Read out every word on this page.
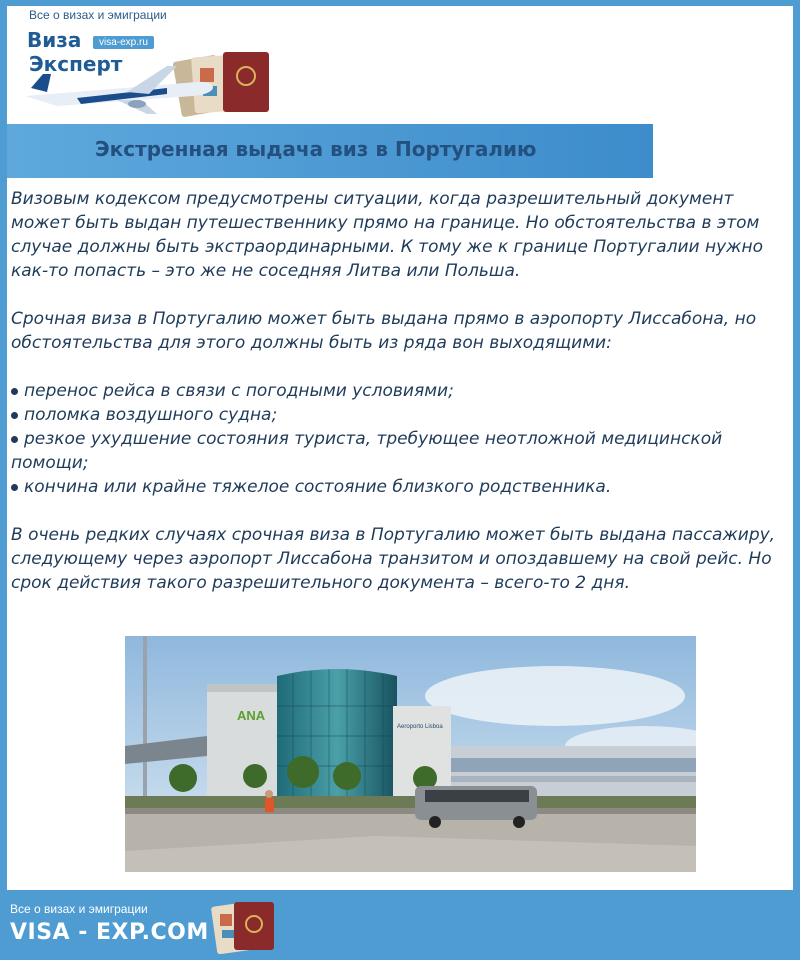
Все о визах и эмиграции
Виза
Эксперт
visa-exp.ru
Экстренная выдача виз в Португалию

Визовым кодексом предусмотрены ситуации, когда разрешительный документ может быть выдан путешественнику прямо на границе. Но обстоятельства в этом случае должны быть экстраординарными. К тому же к границе Португалии нужно как-то попасть – это же не соседняя Литва или Польша.

Срочная виза в Португалию может быть выдана прямо в аэропорту Лиссабона, но обстоятельства для этого должны быть из ряда вон выходящими:

перенос рейса в связи с погодными условиями;
поломка воздушного судна;
резкое ухудшение состояния туриста, требующее неотложной медицинской помощи;
кончина или крайне тяжелое состояние близкого родственника.

В очень редких случаях срочная виза в Португалию может быть выдана пассажиру, следующему через аэропорт Лиссабона транзитом и опоздавшему на свой рейс. Но срок действия такого разрешительного документа – всего-то 2 дня.

ANA
Aeroporto Lisboa
Все о визах и эмиграции
VISA - EXP.COM
